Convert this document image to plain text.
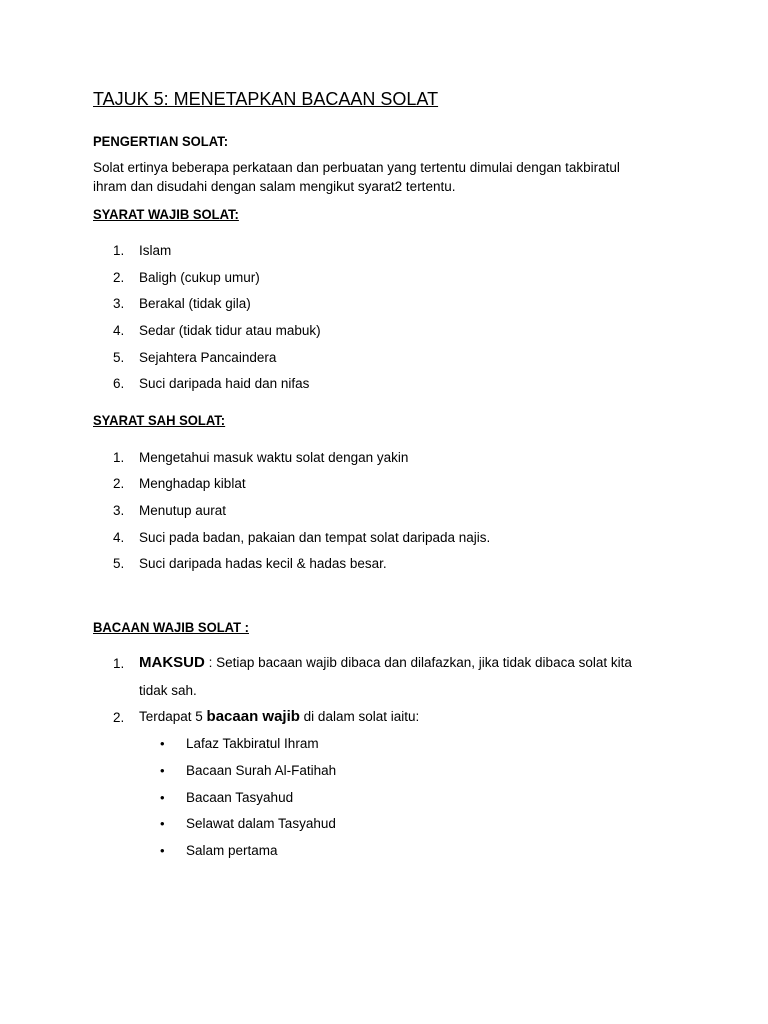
TAJUK 5: MENETAPKAN BACAAN SOLAT
PENGERTIAN SOLAT:
Solat ertinya beberapa perkataan dan perbuatan yang tertentu dimulai dengan takbiratul
ihram dan disudahi dengan salam mengikut syarat2 tertentu.
SYARAT WAJIB SOLAT:
1.	Islam
2.	Baligh (cukup umur)
3.	Berakal (tidak gila)
4.	Sedar (tidak tidur atau mabuk)
5.	Sejahtera Pancaindera
6.	Suci daripada haid dan nifas
SYARAT SAH SOLAT:
1.	Mengetahui masuk waktu solat dengan yakin
2.	Menghadap kiblat
3.	Menutup aurat
4.	Suci pada badan, pakaian dan tempat solat daripada najis.
5.	Suci daripada hadas kecil & hadas besar.
BACAAN WAJIB SOLAT :
1. MAKSUD : Setiap bacaan wajib dibaca dan dilafazkan, jika tidak dibaca solat kita
tidak sah.
2.	Terdapat 5 bacaan wajib di dalam solat iaitu:
• Lafaz Takbiratul Ihram
• Bacaan Surah Al-Fatihah
• Bacaan Tasyahud
• Selawat dalam Tasyahud
• Salam pertama
